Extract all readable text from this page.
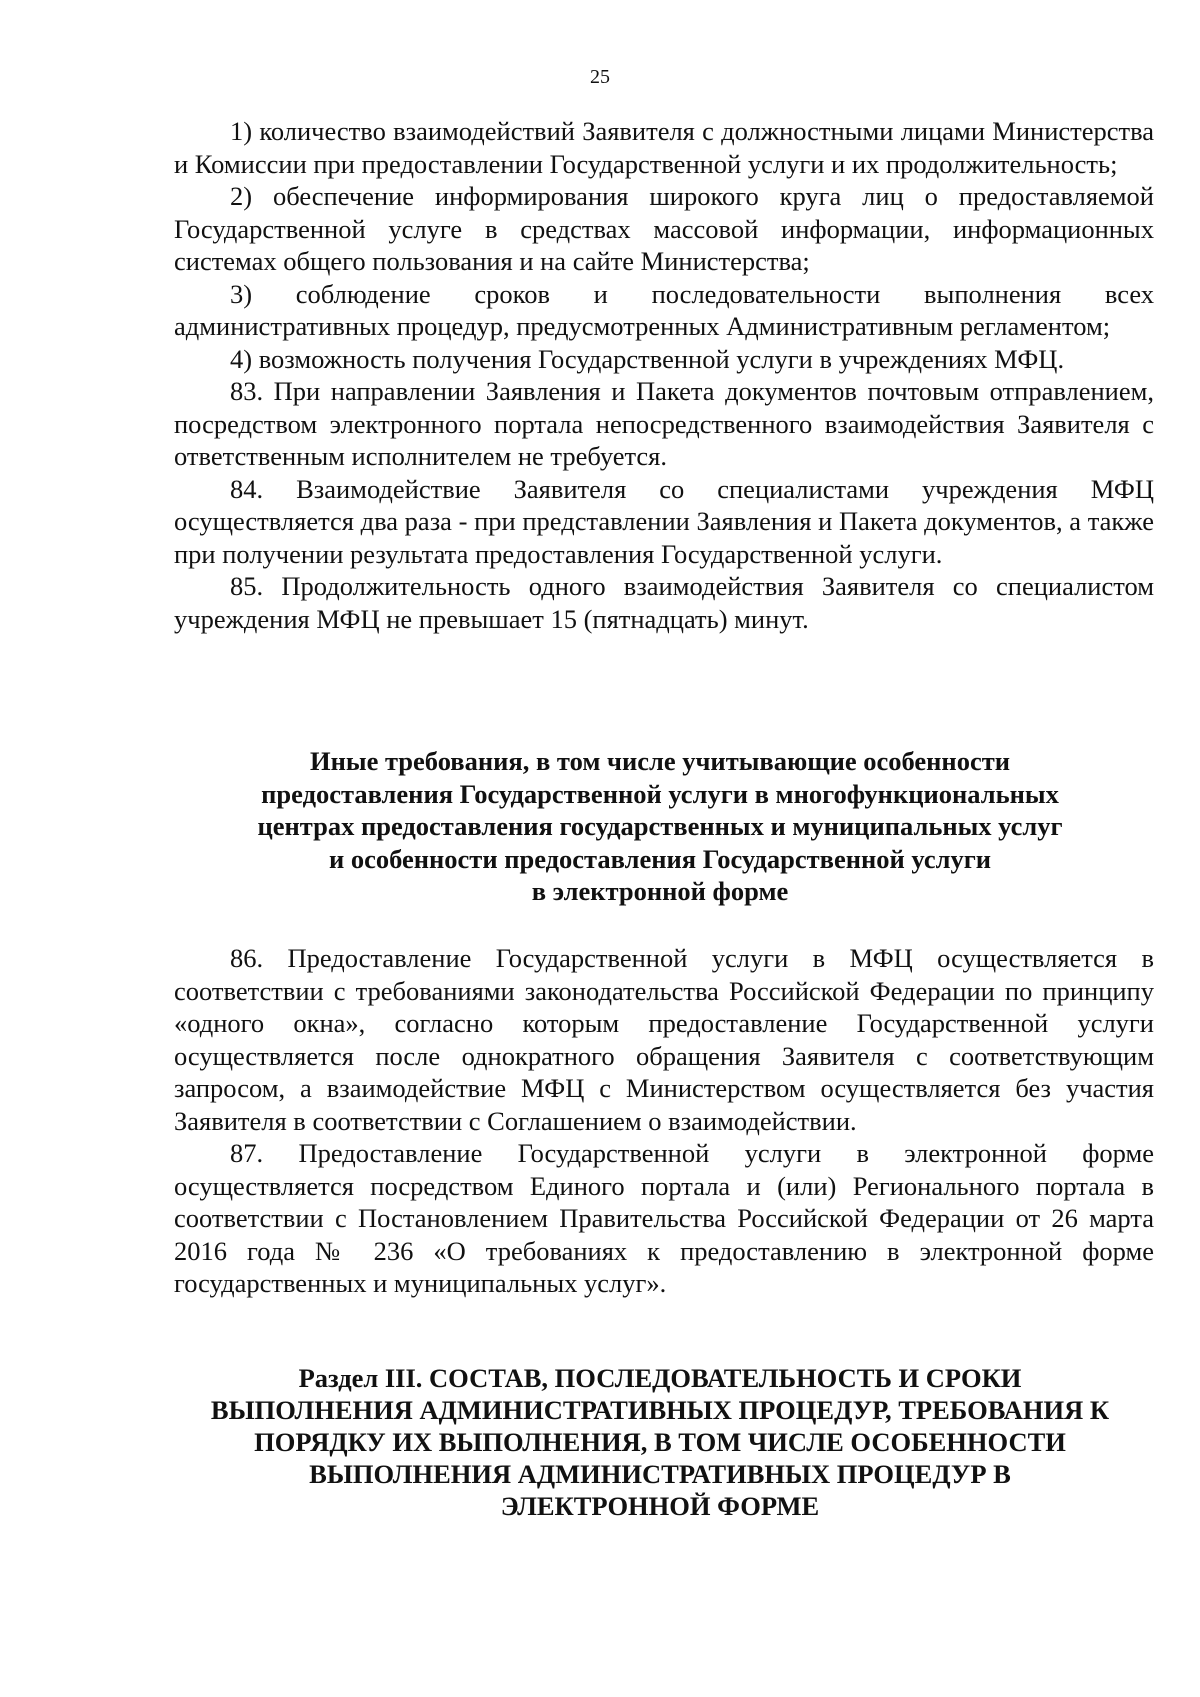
25

1) количество взаимодействий Заявителя с должностными лицами Министерства и Комиссии при предоставлении Государственной услуги и их продолжительность;

2) обеспечение информирования широкого круга лиц о предоставляемой Государственной услуге в средствах массовой информации, информационных системах общего пользования и на сайте Министерства;

3) соблюдение сроков и последовательности выполнения всех административных процедур, предусмотренных Административным регламентом;

4) возможность получения Государственной услуги в учреждениях МФЦ.

83. При направлении Заявления и Пакета документов почтовым отправлением, посредством электронного портала непосредственного взаимодействия Заявителя с ответственным исполнителем не требуется.

84. Взаимодействие Заявителя со специалистами учреждения МФЦ осуществляется два раза - при представлении Заявления и Пакета документов, а также при получении результата предоставления Государственной услуги.

85. Продолжительность одного взаимодействия Заявителя со специалистом учреждения МФЦ не превышает 15 (пятнадцать) минут.

Иные требования, в том числе учитывающие особенности
предоставления Государственной услуги в многофункциональных
центрах предоставления государственных и муниципальных услуг
и особенности предоставления Государственной услуги
в электронной форме

86. Предоставление Государственной услуги в МФЦ осуществляется в соответствии с требованиями законодательства Российской Федерации по принципу «одного окна», согласно которым предоставление Государственной услуги осуществляется после однократного обращения Заявителя с соответствующим запросом, а взаимодействие МФЦ с Министерством осуществляется без участия Заявителя в соответствии с Соглашением о взаимодействии.

87. Предоставление Государственной услуги в электронной форме осуществляется посредством Единого портала и (или) Регионального портала в соответствии с Постановлением Правительства Российской Федерации от 26 марта 2016 года № 236 «О требованиях к предоставлению в электронной форме государственных и муниципальных услуг».

Раздел III. СОСТАВ, ПОСЛЕДОВАТЕЛЬНОСТЬ И СРОКИ
ВЫПОЛНЕНИЯ АДМИНИСТРАТИВНЫХ ПРОЦЕДУР, ТРЕБОВАНИЯ К
ПОРЯДКУ ИХ ВЫПОЛНЕНИЯ, В ТОМ ЧИСЛЕ ОСОБЕННОСТИ
ВЫПОЛНЕНИЯ АДМИНИСТРАТИВНЫХ ПРОЦЕДУР В
ЭЛЕКТРОННОЙ ФОРМЕ
